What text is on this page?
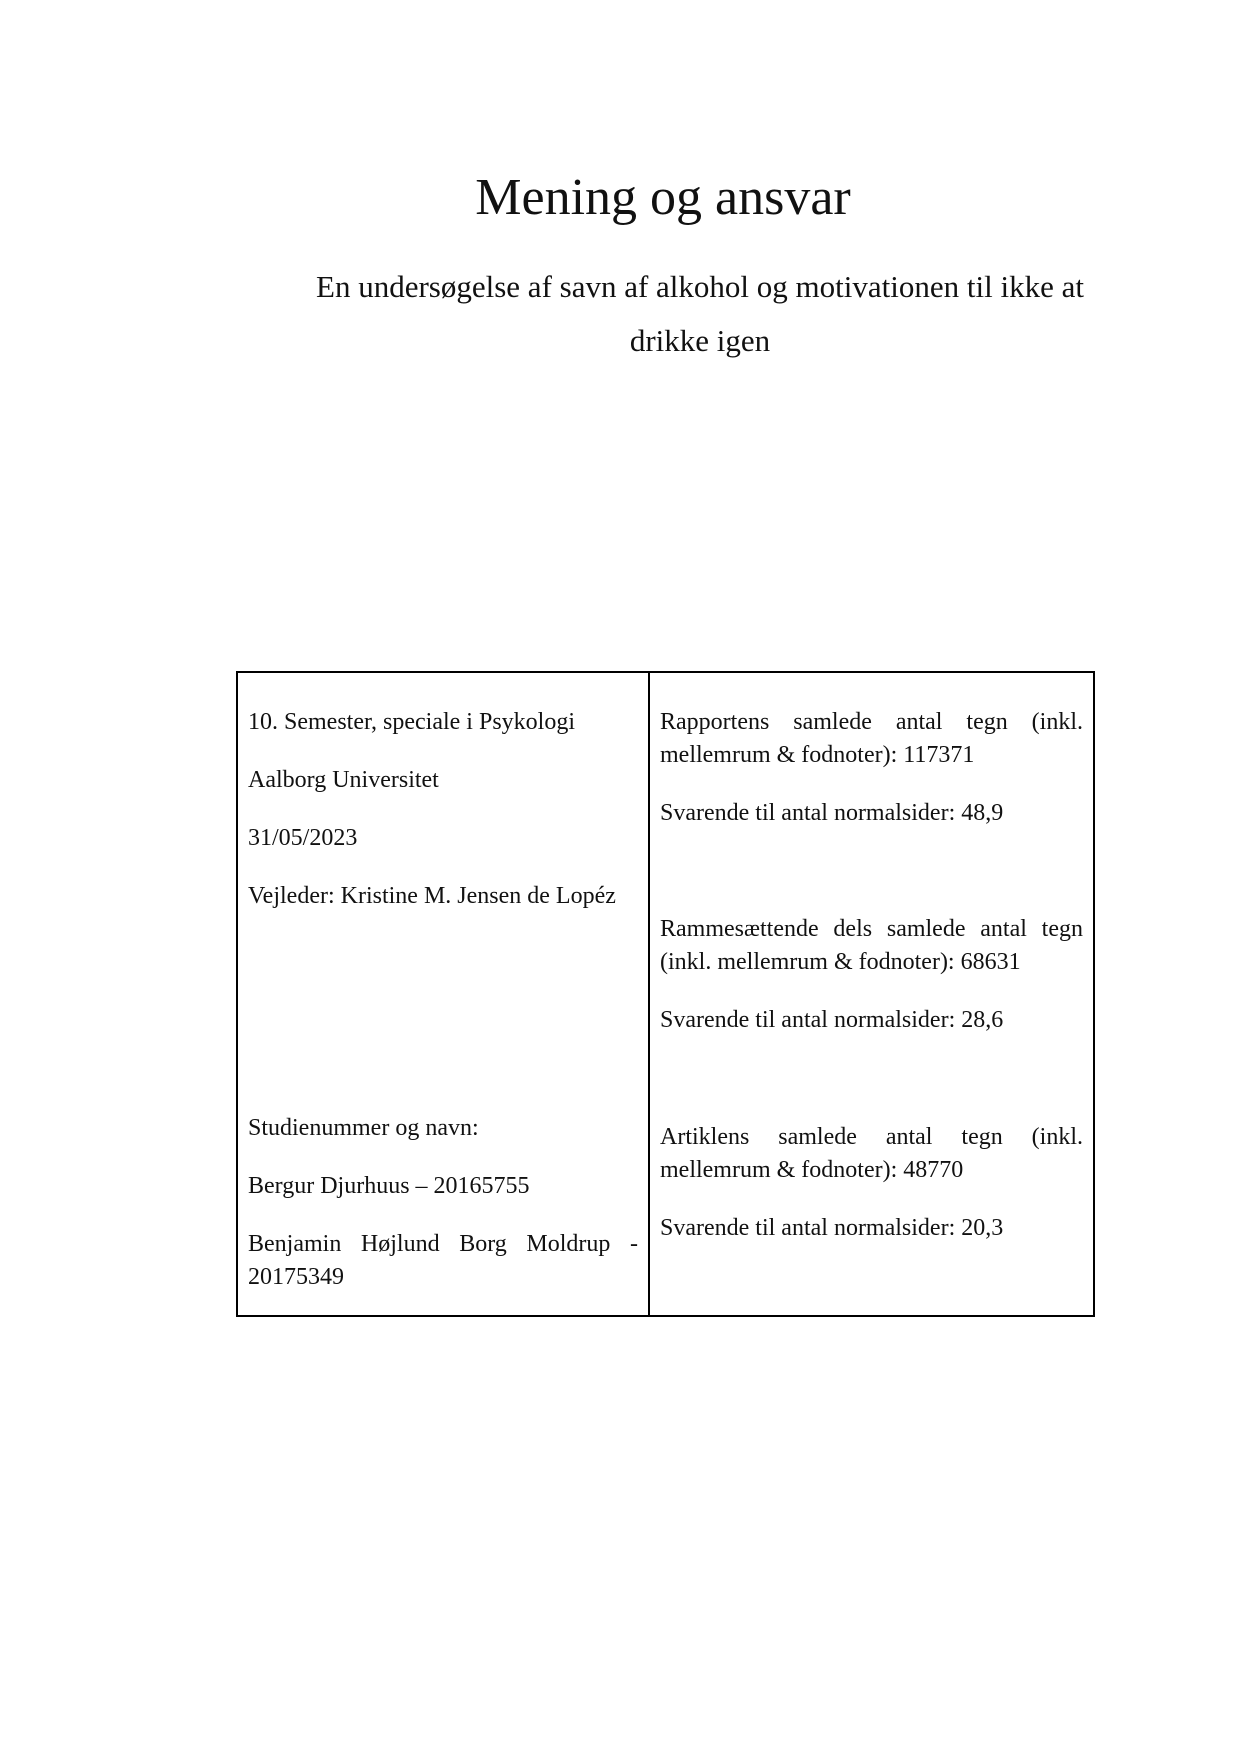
Mening og ansvar
En undersøgelse af savn af alkohol og motivationen til ikke at
drikke igen

10. Semester, speciale i Psykologi

Aalborg Universitet

31/05/2023

Vejleder: Kristine M. Jensen de Lopéz

Studienummer og navn:

Bergur Djurhuus – 20165755

Benjamin Højlund Borg Moldrup -

20175349

Rapportens samlede antal tegn (inkl.

mellemrum & fodnoter): 117371

Svarende til antal normalsider: 48,9

Rammesættende dels samlede antal tegn

(inkl. mellemrum & fodnoter): 68631

Svarende til antal normalsider: 28,6

Artiklens samlede antal tegn (inkl.

mellemrum & fodnoter): 48770

Svarende til antal normalsider: 20,3
